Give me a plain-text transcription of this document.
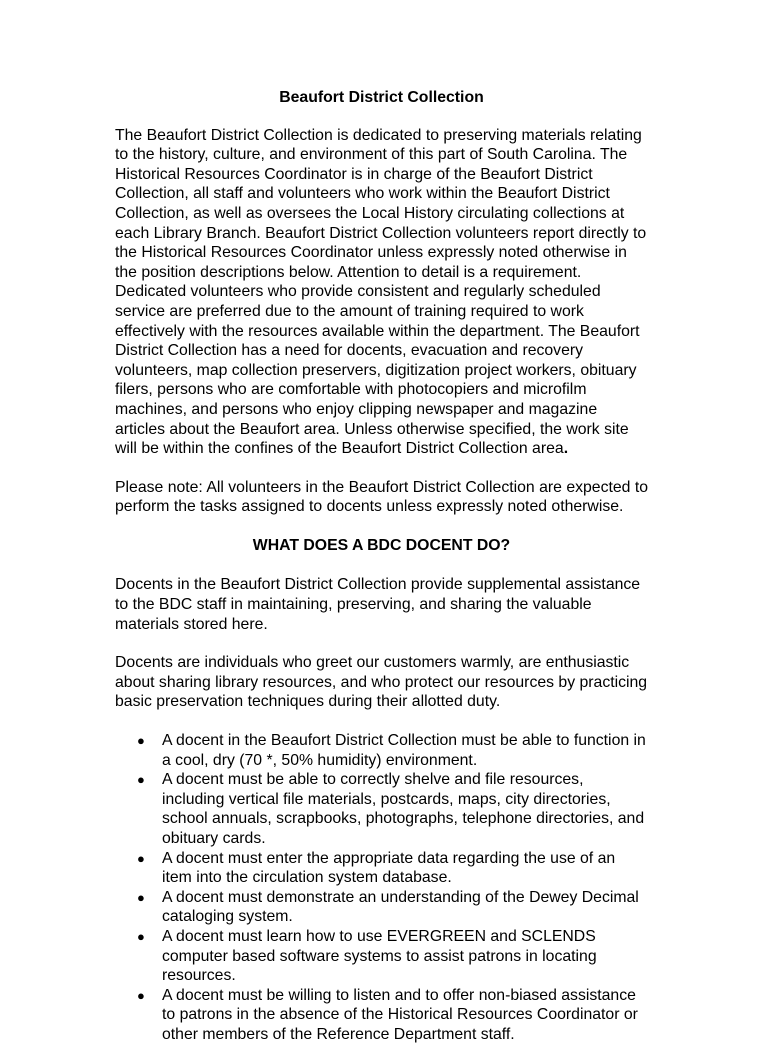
Beaufort District Collection

The Beaufort District Collection is dedicated to preserving materials relating to the history, culture, and environment of this part of South Carolina. The Historical Resources Coordinator is in charge of the Beaufort District Collection, all staff and volunteers who work within the Beaufort District Collection, as well as oversees the Local History circulating collections at each Library Branch. Beaufort District Collection volunteers report directly to the Historical Resources Coordinator unless expressly noted otherwise in the position descriptions below. Attention to detail is a requirement. Dedicated volunteers who provide consistent and regularly scheduled service are preferred due to the amount of training required to work effectively with the resources available within the department. The Beaufort District Collection has a need for docents, evacuation and recovery volunteers, map collection preservers, digitization project workers, obituary filers, persons who are comfortable with photocopiers and microfilm machines, and persons who enjoy clipping newspaper and magazine articles about the Beaufort area. Unless otherwise specified, the work site will be within the confines of the Beaufort District Collection area.

Please note: All volunteers in the Beaufort District Collection are expected to perform the tasks assigned to docents unless expressly noted otherwise.

WHAT DOES A BDC DOCENT DO?

Docents in the Beaufort District Collection provide supplemental assistance to the BDC staff in maintaining, preserving, and sharing the valuable materials stored here.

Docents are individuals who greet our customers warmly, are enthusiastic about sharing library resources, and who protect our resources by practicing basic preservation techniques during their allotted duty.

● A docent in the Beaufort District Collection must be able to function in a cool, dry (70 *, 50% humidity) environment.
● A docent must be able to correctly shelve and file resources, including vertical file materials, postcards, maps, city directories, school annuals, scrapbooks, photographs, telephone directories, and obituary cards.
● A docent must enter the appropriate data regarding the use of an item into the circulation system database.
● A docent must demonstrate an understanding of the Dewey Decimal cataloging system.
● A docent must learn how to use EVERGREEN and SCLENDS computer based software systems to assist patrons in locating resources.
● A docent must be willing to listen and to offer non-biased assistance to patrons in the absence of the Historical Resources Coordinator or other members of the Reference Department staff.
